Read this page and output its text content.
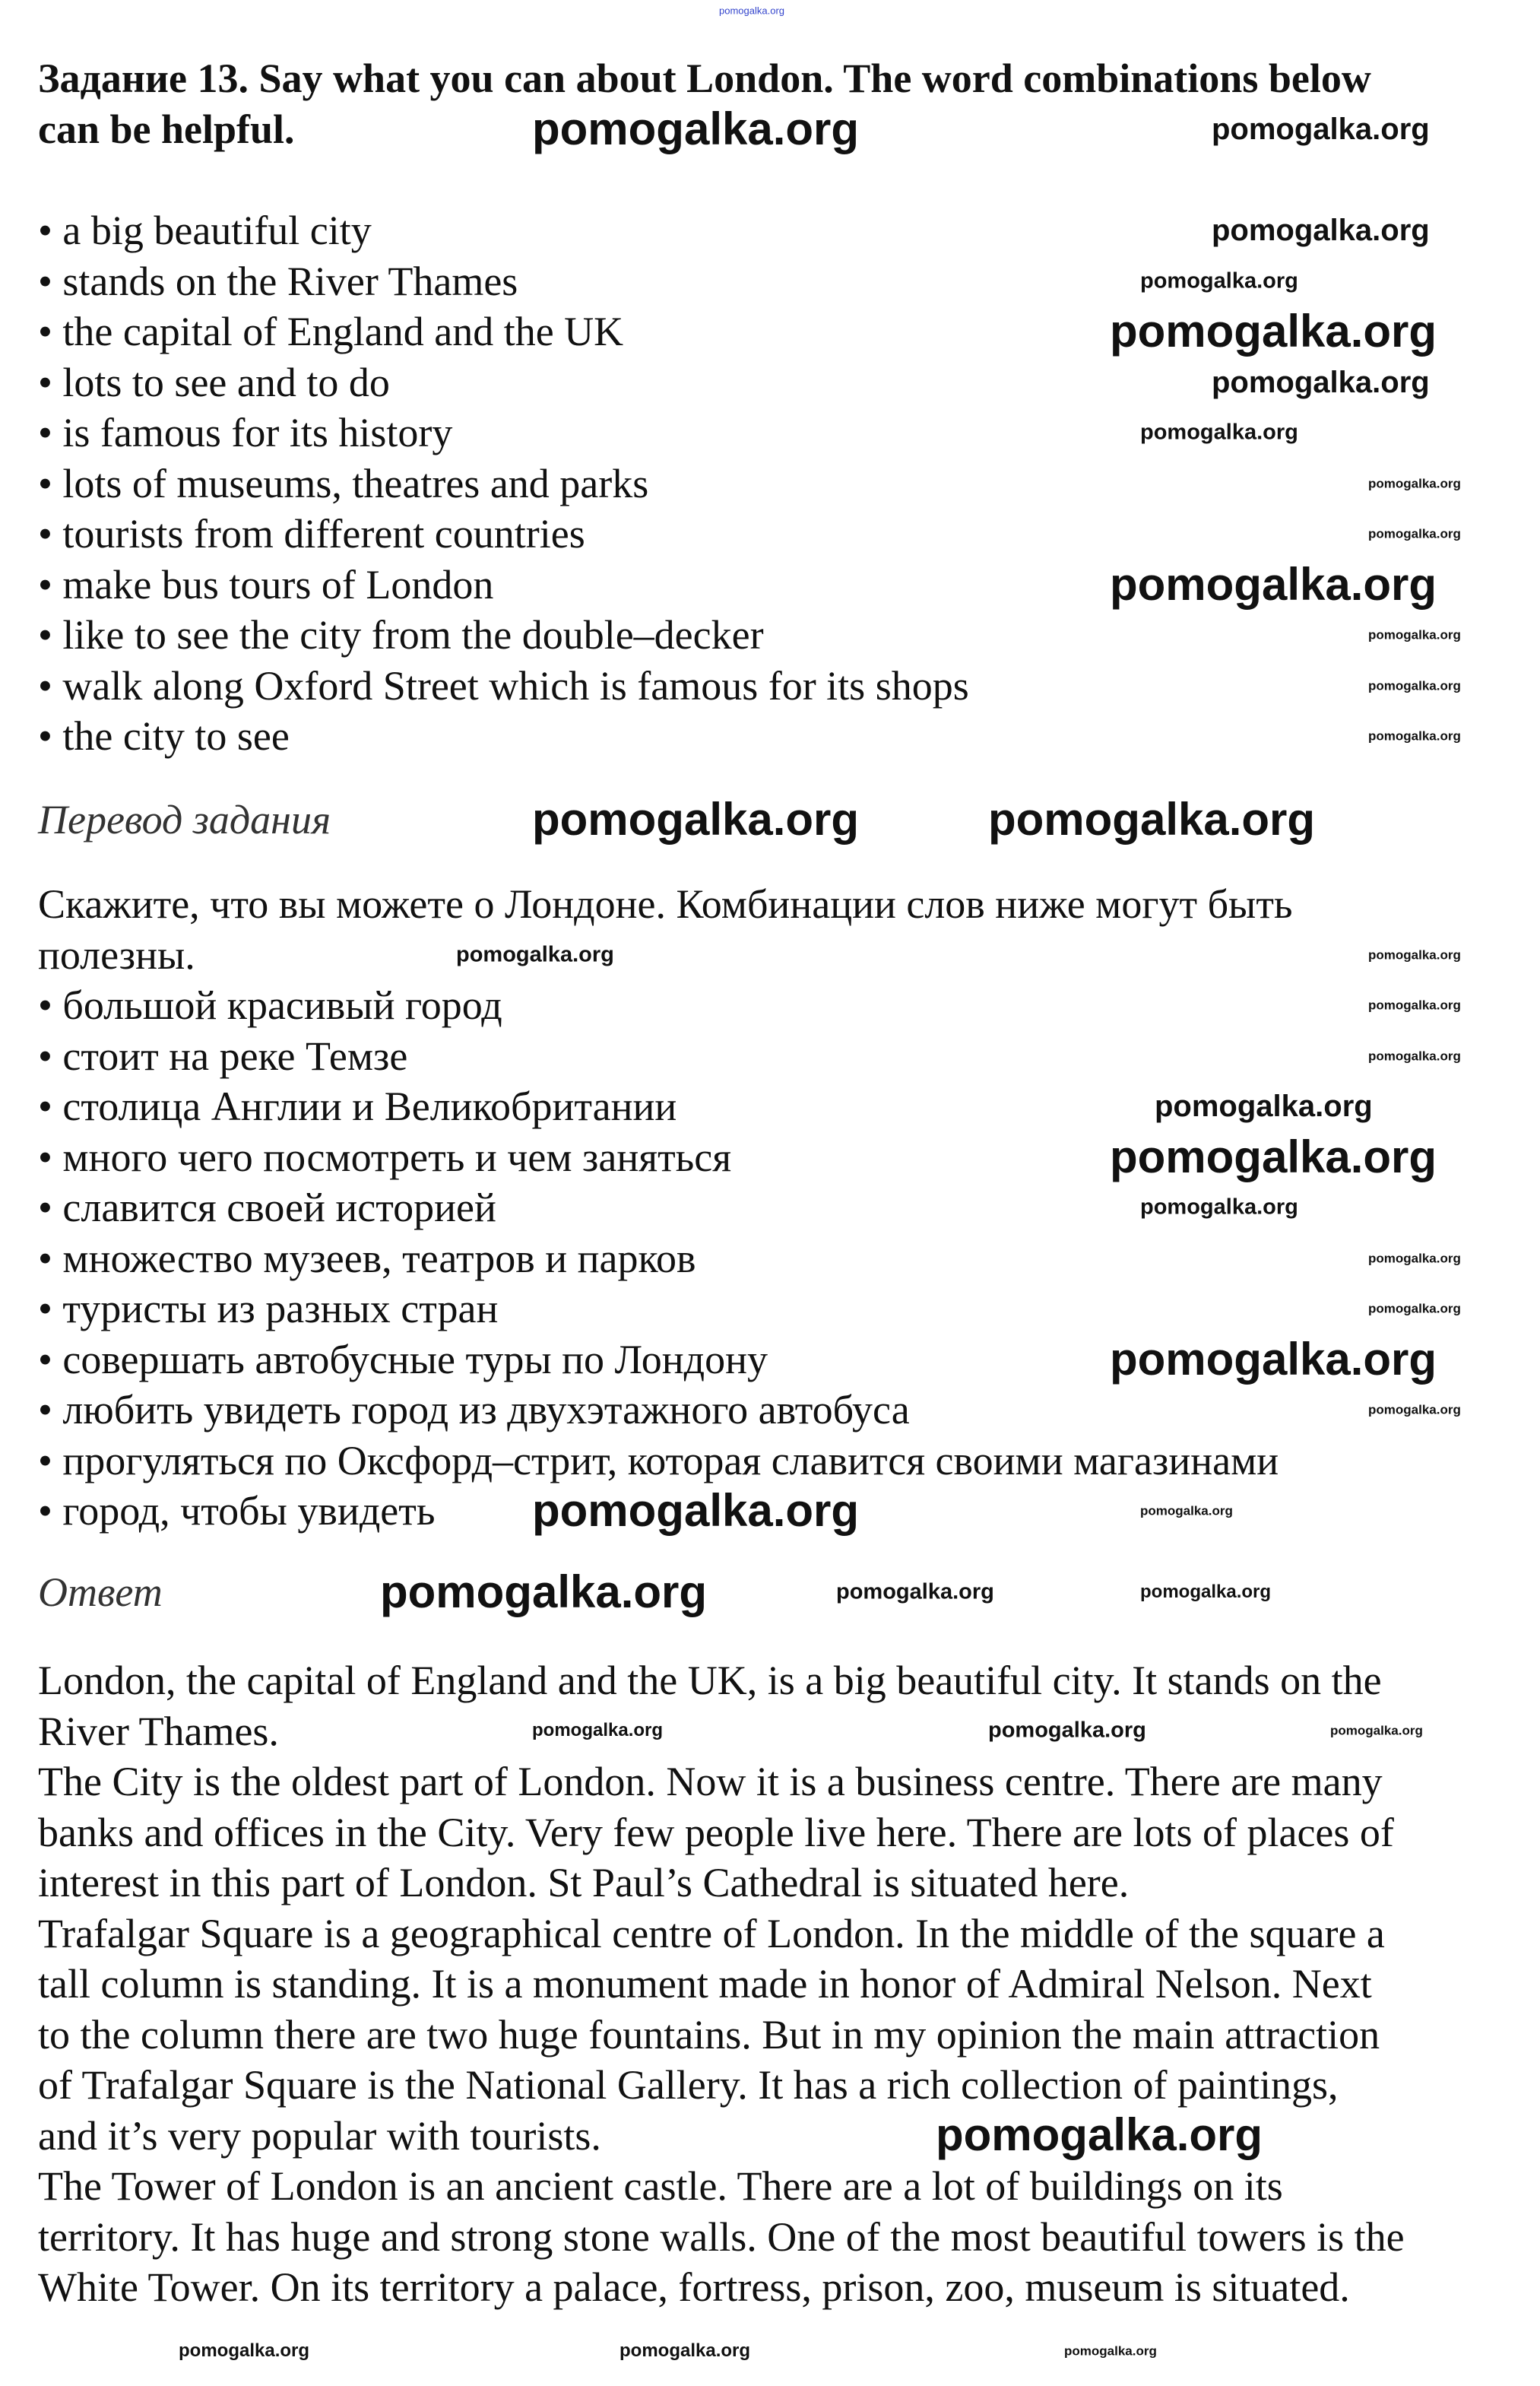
Задание 13. Say what you can about London. The word combinations below
can be helpful.
• a big beautiful city
• stands on the River Thames
• the capital of England and the UK
• lots to see and to do
• is famous for its history
• lots of museums, theatres and parks
• tourists from different countries
• make bus tours of London
• like to see the city from the double–decker
• walk along Oxford Street which is famous for its shops
• the city to see
Перевод задания
Скажите, что вы можете о Лондоне. Комбинации слов ниже могут быть
полезны.
• большой красивый город
• стоит на реке Темзе
• столица Англии и Великобритании
• много чего посмотреть и чем заняться
• славится своей историей
• множество музеев, театров и парков
• туристы из разных стран
• совершать автобусные туры по Лондону
• любить увидеть город из двухэтажного автобуса
• прогуляться по Оксфорд–стрит, которая славится своими магазинами
• город, чтобы увидеть
Ответ
London, the capital of England and the UK, is a big beautiful city. It stands on the
River Thames.
The City is the oldest part of London. Now it is a business centre. There are many
banks and offices in the City. Very few people live here. There are lots of places of
interest in this part of London. St Paul’s Cathedral is situated here.
Trafalgar Square is a geographical centre of London. In the middle of the square a
tall column is standing. It is a monument made in honor of Admiral Nelson. Next
to the column there are two huge fountains. But in my opinion the main attraction
of Trafalgar Square is the National Gallery. It has a rich collection of paintings,
and it’s very popular with tourists.
The Tower of London is an ancient castle. There are a lot of buildings on its
territory. It has huge and strong stone walls. One of the most beautiful towers is the
White Tower. On its territory a palace, fortress, prison, zoo, museum is situated.
pomogalka.org
pomogalka.org	pomogalka.org
pomogalka.org
pomogalka.org
pomogalka.org
pomogalka.org
pomogalka.org
pomogalka.org
pomogalka.org
pomogalka.org
pomogalka.org
pomogalka.org
pomogalka.org
pomogalka.org	pomogalka.org
pomogalka.org
pomogalka.org
pomogalka.org
pomogalka.org
pomogalka.org
pomogalka.org
pomogalka.org
pomogalka.org
pomogalka.org
pomogalka.org
pomogalka.org
pomogalka.org	pomogalka.org
pomogalka.org	pomogalka.org	pomogalka.org
pomogalka.org	pomogalka.org	pomogalka.org
pomogalka.org
pomogalka.org	pomogalka.org	pomogalka.org
